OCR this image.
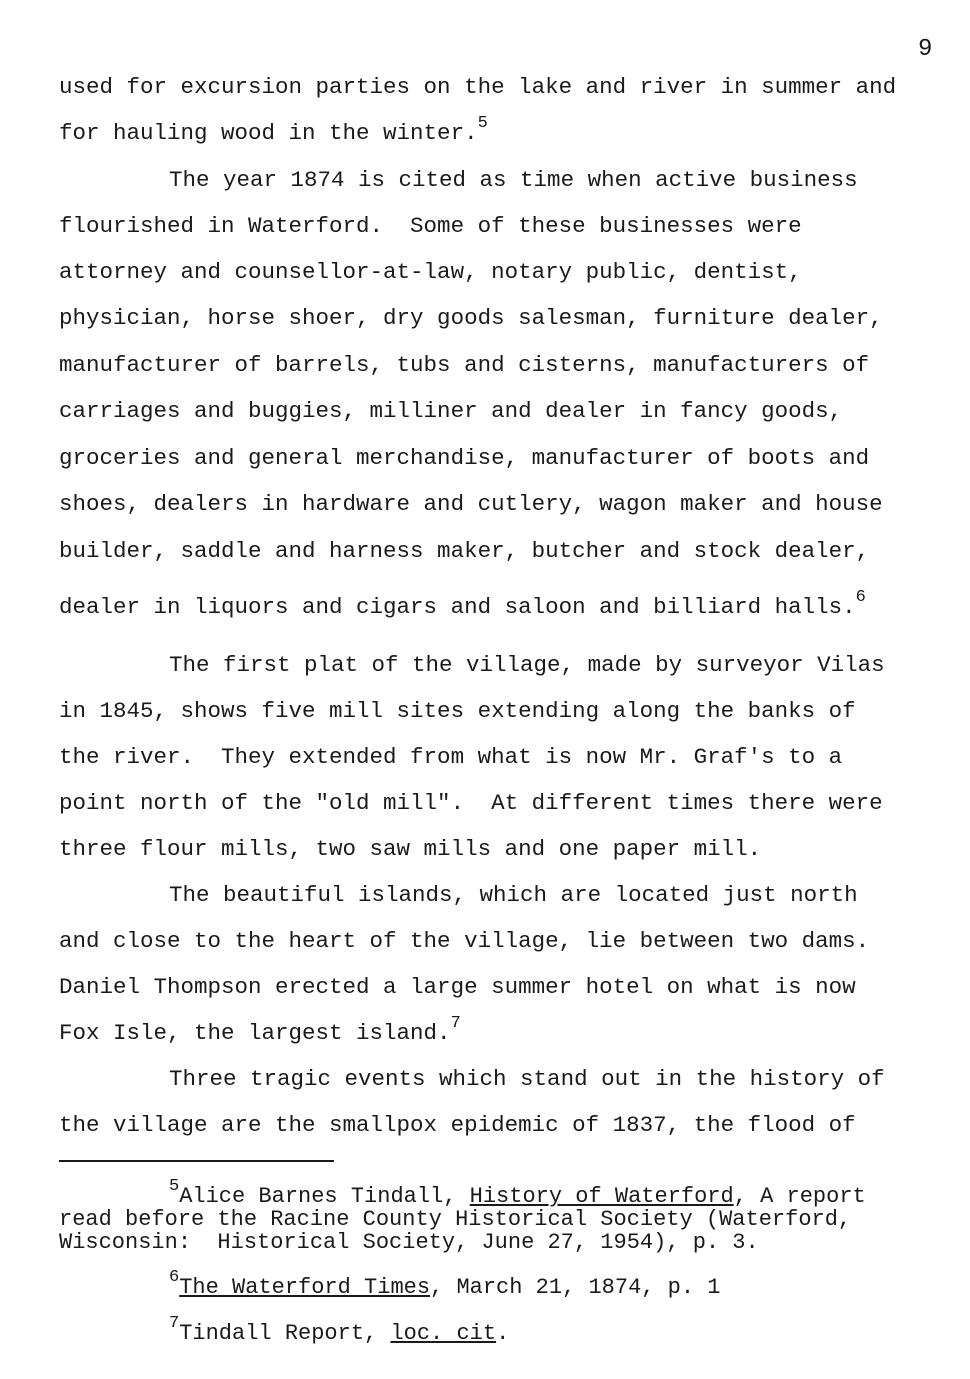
9
used for excursion parties on the lake and river in summer and
for hauling wood in the winter.$^5$
The year 1874 is cited as time when active business
flourished in Waterford.  Some of these businesses were
attorney and counsellor-at-law, notary public, dentist,
physician, horse shoer, dry goods salesman, furniture dealer,
manufacturer of barrels, tubs and cisterns, manufacturers of
carriages and buggies, milliner and dealer in fancy goods,
groceries and general merchandise, manufacturer of boots and
shoes, dealers in hardware and cutlery, wagon maker and house
builder, saddle and harness maker, butcher and stock dealer,
dealer in liquors and cigars and saloon and billiard halls.$^6$
The first plat of the village, made by surveyor Vilas
in 1845, shows five mill sites extending along the banks of
the river.  They extended from what is now Mr. Graf's to a
point north of the "old mill".  At different times there were
three flour mills, two saw mills and one paper mill.
The beautiful islands, which are located just north
and close to the heart of the village, lie between two dams.
Daniel Thompson erected a large summer hotel on what is now
Fox Isle, the largest island.$^7$
Three tragic events which stand out in the history of
the village are the smallpox epidemic of 1837, the flood of
$^5$Alice Barnes Tindall, History of Waterford, A report
read before the Racine County Historical Society (Waterford,
Wisconsin:  Historical Society, June 27, 1954), p. 3.
$^6$The Waterford Times, March 21, 1874, p. 1
$^7$Tindall Report, loc. cit.
